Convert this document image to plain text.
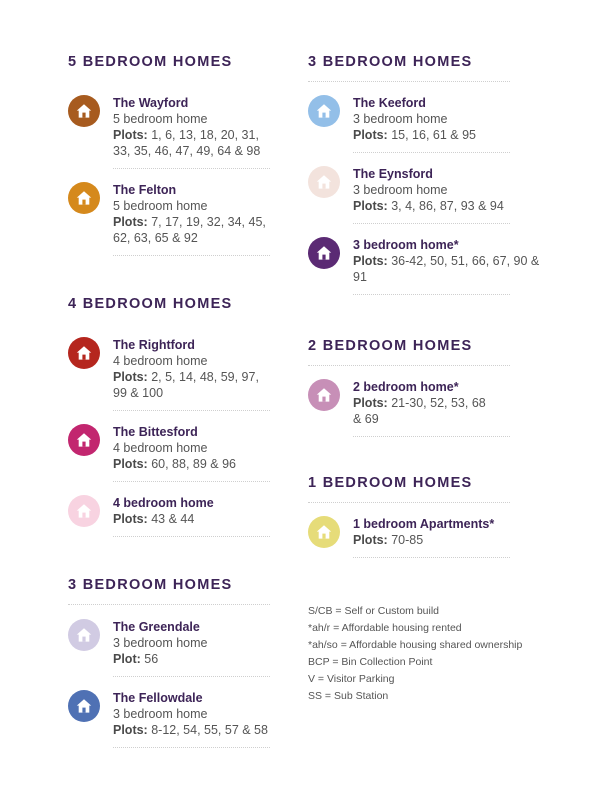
5 BEDROOM HOMES
The Wayford
5 bedroom home
Plots: 1, 6, 13, 18, 20, 31, 33, 35, 46, 47, 49, 64 & 98
The Felton
5 bedroom home
Plots: 7, 17, 19, 32, 34, 45, 62, 63, 65 & 92
4 BEDROOM HOMES
The Rightford
4 bedroom home
Plots: 2, 5, 14, 48, 59, 97, 99 & 100
The Bittesford
4 bedroom home
Plots: 60, 88, 89 & 96
4 bedroom home
Plots: 43 & 44
3 BEDROOM HOMES
The Greendale
3 bedroom home
Plot: 56
The Fellowdale
3 bedroom home
Plots: 8-12, 54, 55, 57 & 58
3 BEDROOM HOMES
The Keeford
3 bedroom home
Plots: 15, 16, 61 & 95
The Eynsford
3 bedroom home
Plots: 3, 4, 86, 87, 93 & 94
3 bedroom home*
Plots: 36-42, 50, 51, 66, 67, 90 & 91
2 BEDROOM HOMES
2 bedroom home*
Plots: 21-30, 52, 53, 68 & 69
1 BEDROOM HOMES
1 bedroom Apartments*
Plots: 70-85
S/CB = Self or Custom build
*ah/r = Affordable housing rented
*ah/so = Affordable housing shared ownership
BCP = Bin Collection Point
V = Visitor Parking
SS = Sub Station
